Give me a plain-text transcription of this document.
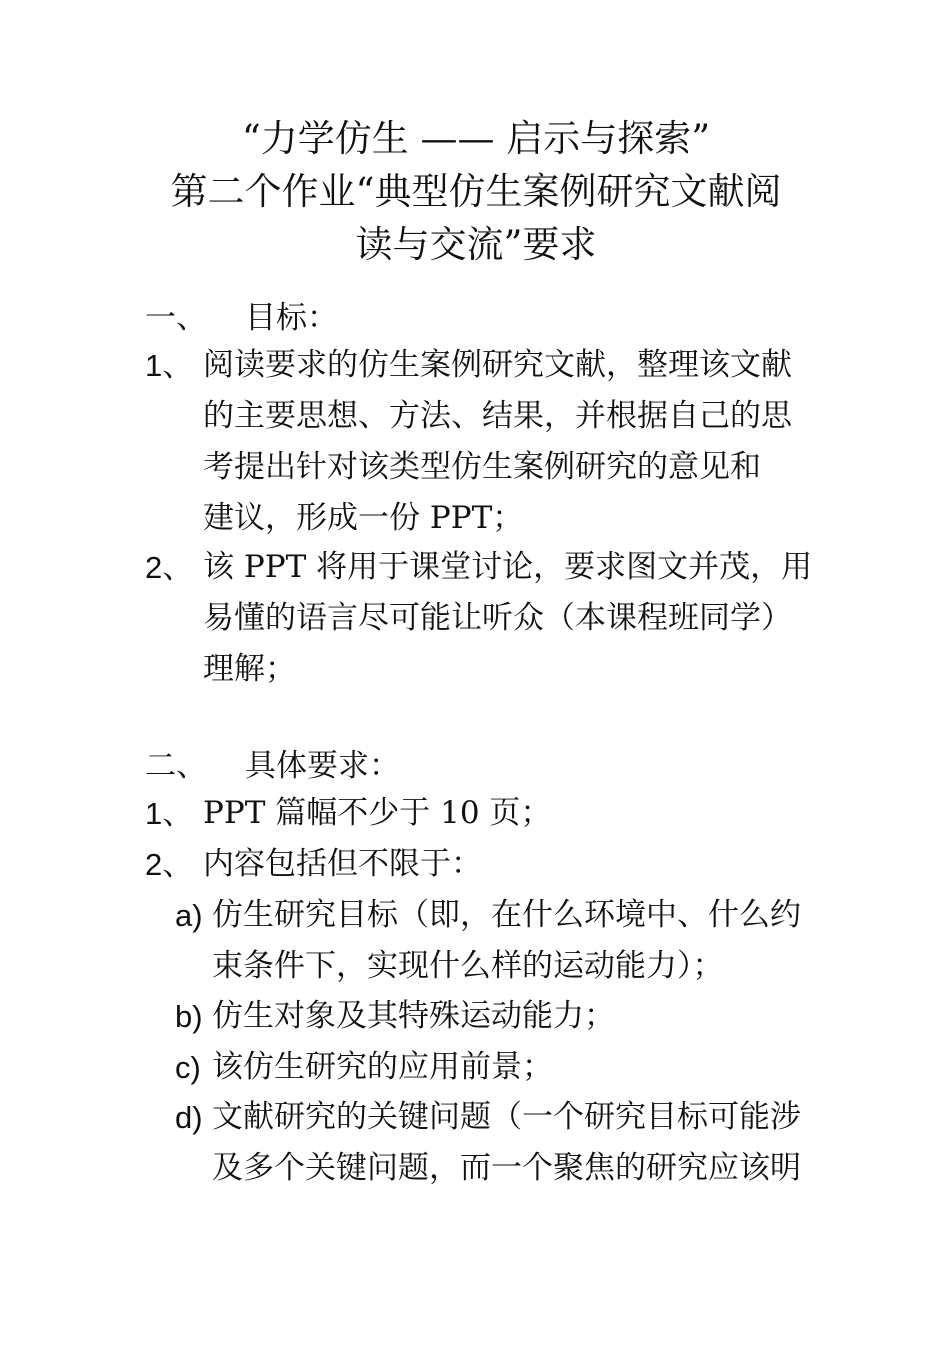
“力学仿生 —— 启示与探索”
第二个作业“典型仿生案例研究文献阅
读与交流”要求
一、 目标：
1、 阅读要求的仿生案例研究文献，整理该文献
的主要思想、方法、结果，并根据自己的思
考提出针对该类型仿生案例研究的意见和
建议，形成一份 PPT；
2、 该 PPT 将用于课堂讨论，要求图文并茂，用
易懂的语言尽可能让听众（本课程班同学）
理解；
二、 具体要求：
1、 PPT 篇幅不少于 10 页；
2、 内容包括但不限于：
a) 仿生研究目标（即，在什么环境中、什么约
束条件下，实现什么样的运动能力）；
b) 仿生对象及其特殊运动能力；
c) 该仿生研究的应用前景；
d) 文献研究的关键问题（一个研究目标可能涉
及多个关键问题，而一个聚焦的研究应该明
